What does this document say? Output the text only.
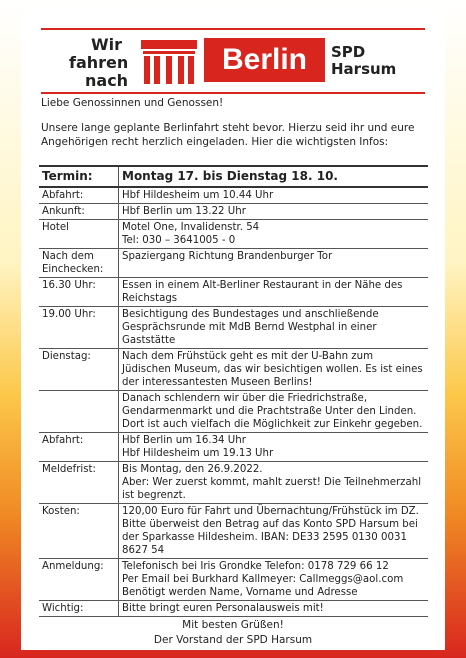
Wir
fahren
nach
Berlin	SPD
Harsum
Liebe Genossinnen und Genossen!
Unsere lange geplante Berlinfahrt steht bevor. Hierzu seid ihr und eure Angehörigen recht herzlich eingeladen. Hier die wichtigsten Infos:
Termin:	Montag 17. bis Dienstag 18. 10.
Abfahrt:	Hbf Hildesheim um 10.44 Uhr

Ankunft:	Hbf Berlin um 13.22 Uhr

Hotel	Motel One, Invalidenstr. 54
Tel: 030 – 3641005 - 0

Nach dem Einchecken:	Spaziergang Richtung Brandenburger Tor

16.30 Uhr:	Essen in einem Alt-Berliner Restaurant in der Nähe des Reichstags

19.00 Uhr:	Besichtigung des Bundestages und anschließende Gesprächsrunde mit MdB Bernd Westphal in einer Gaststätte

Dienstag:	Nach dem Frühstück geht es mit der U-Bahn zum Jüdischen Museum, das wir besichtigen wollen. Es ist eines der interessantesten Museen Berlins!

	Danach schlendern wir über die Friedrichstraße, Gendarmenmarkt und die Prachtstraße Unter den Linden. Dort ist auch vielfach die Möglichkeit zur Einkehr gegeben.

Abfahrt:	Hbf Berlin um 16.34 Uhr
Hbf Hildesheim um 19.13 Uhr

Meldefrist:	Bis Montag, den 26.9.2022.
Aber: Wer zuerst kommt, mahlt zuerst! Die Teilnehmerzahl ist begrenzt.

Kosten:	120,00 Euro für Fahrt und Übernachtung/Frühstück im DZ.
Bitte überweist den Betrag auf das Konto SPD Harsum bei der Sparkasse Hildesheim. IBAN: DE33 2595 0130 0031 8627 54

Anmeldung:	Telefonisch bei Iris Grondke Telefon: 0178 729 66 12
Per Email bei Burkhard Kallmeyer: Callmeggs@aol.com
Benötigt werden Name, Vorname und Adresse

Wichtig:	Bitte bringt euren Personalausweis mit!
Mit besten Grüßen!
Der Vorstand der SPD Harsum
